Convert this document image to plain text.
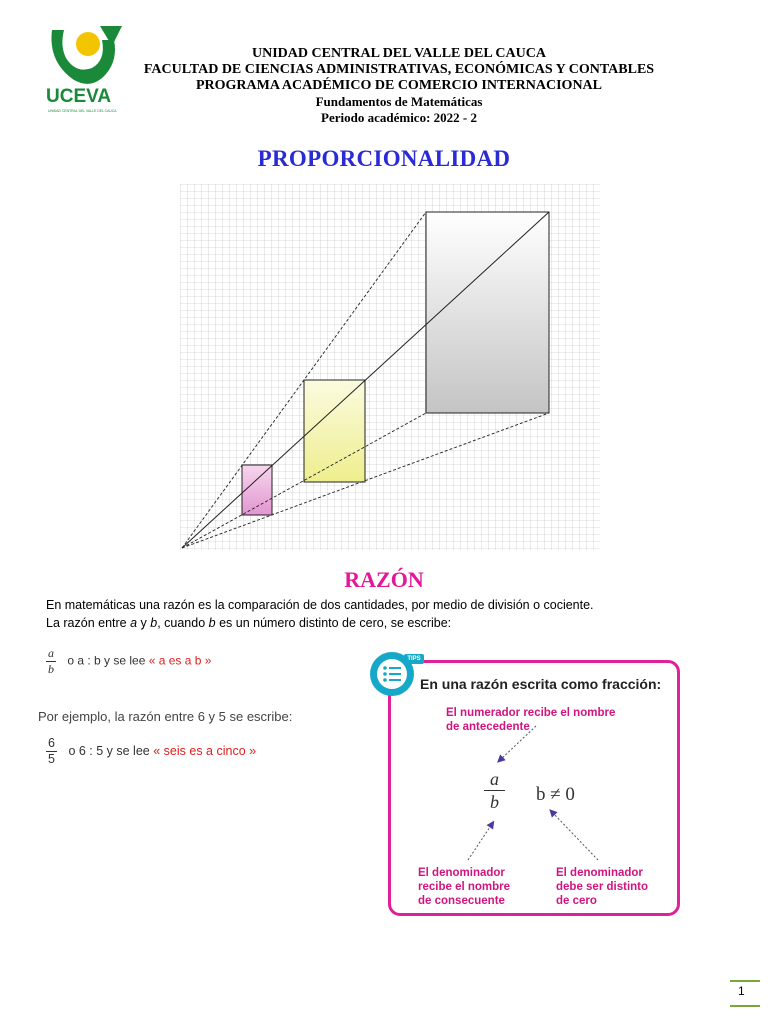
UCEVA
UNIDAD CENTRAL DEL VALLE DEL CAUCA
UNIDAD CENTRAL DEL VALLE DEL CAUCA
FACULTAD DE CIENCIAS ADMINISTRATIVAS, ECONÓMICAS Y CONTABLES
PROGRAMA ACADÉMICO DE COMERCIO INTERNACIONAL
Fundamentos de Matemáticas
Periodo académico: 2022 - 2
PROPORCIONALIDAD
RAZÓN
En matemáticas una razón es la comparación de dos cantidades, por medio de división o cociente.
La razón entre a y b, cuando b es un número distinto de cero, se escribe:
$\frac{a}{b}$ o a : b y se lee « a es a b »
Por ejemplo, la razón entre 6 y 5 se escribe:
$\frac{6}{5}$ o 6 : 5 y se lee « seis es a cinco »
TIPS
En una razón escrita como fracción:
El numerador recibe el nombre
de antecedente
$\frac{a}{b}$ b ≠ 0
El denominador
recibe el nombre
de consecuente
El denominador
debe ser distinto
de cero
1
